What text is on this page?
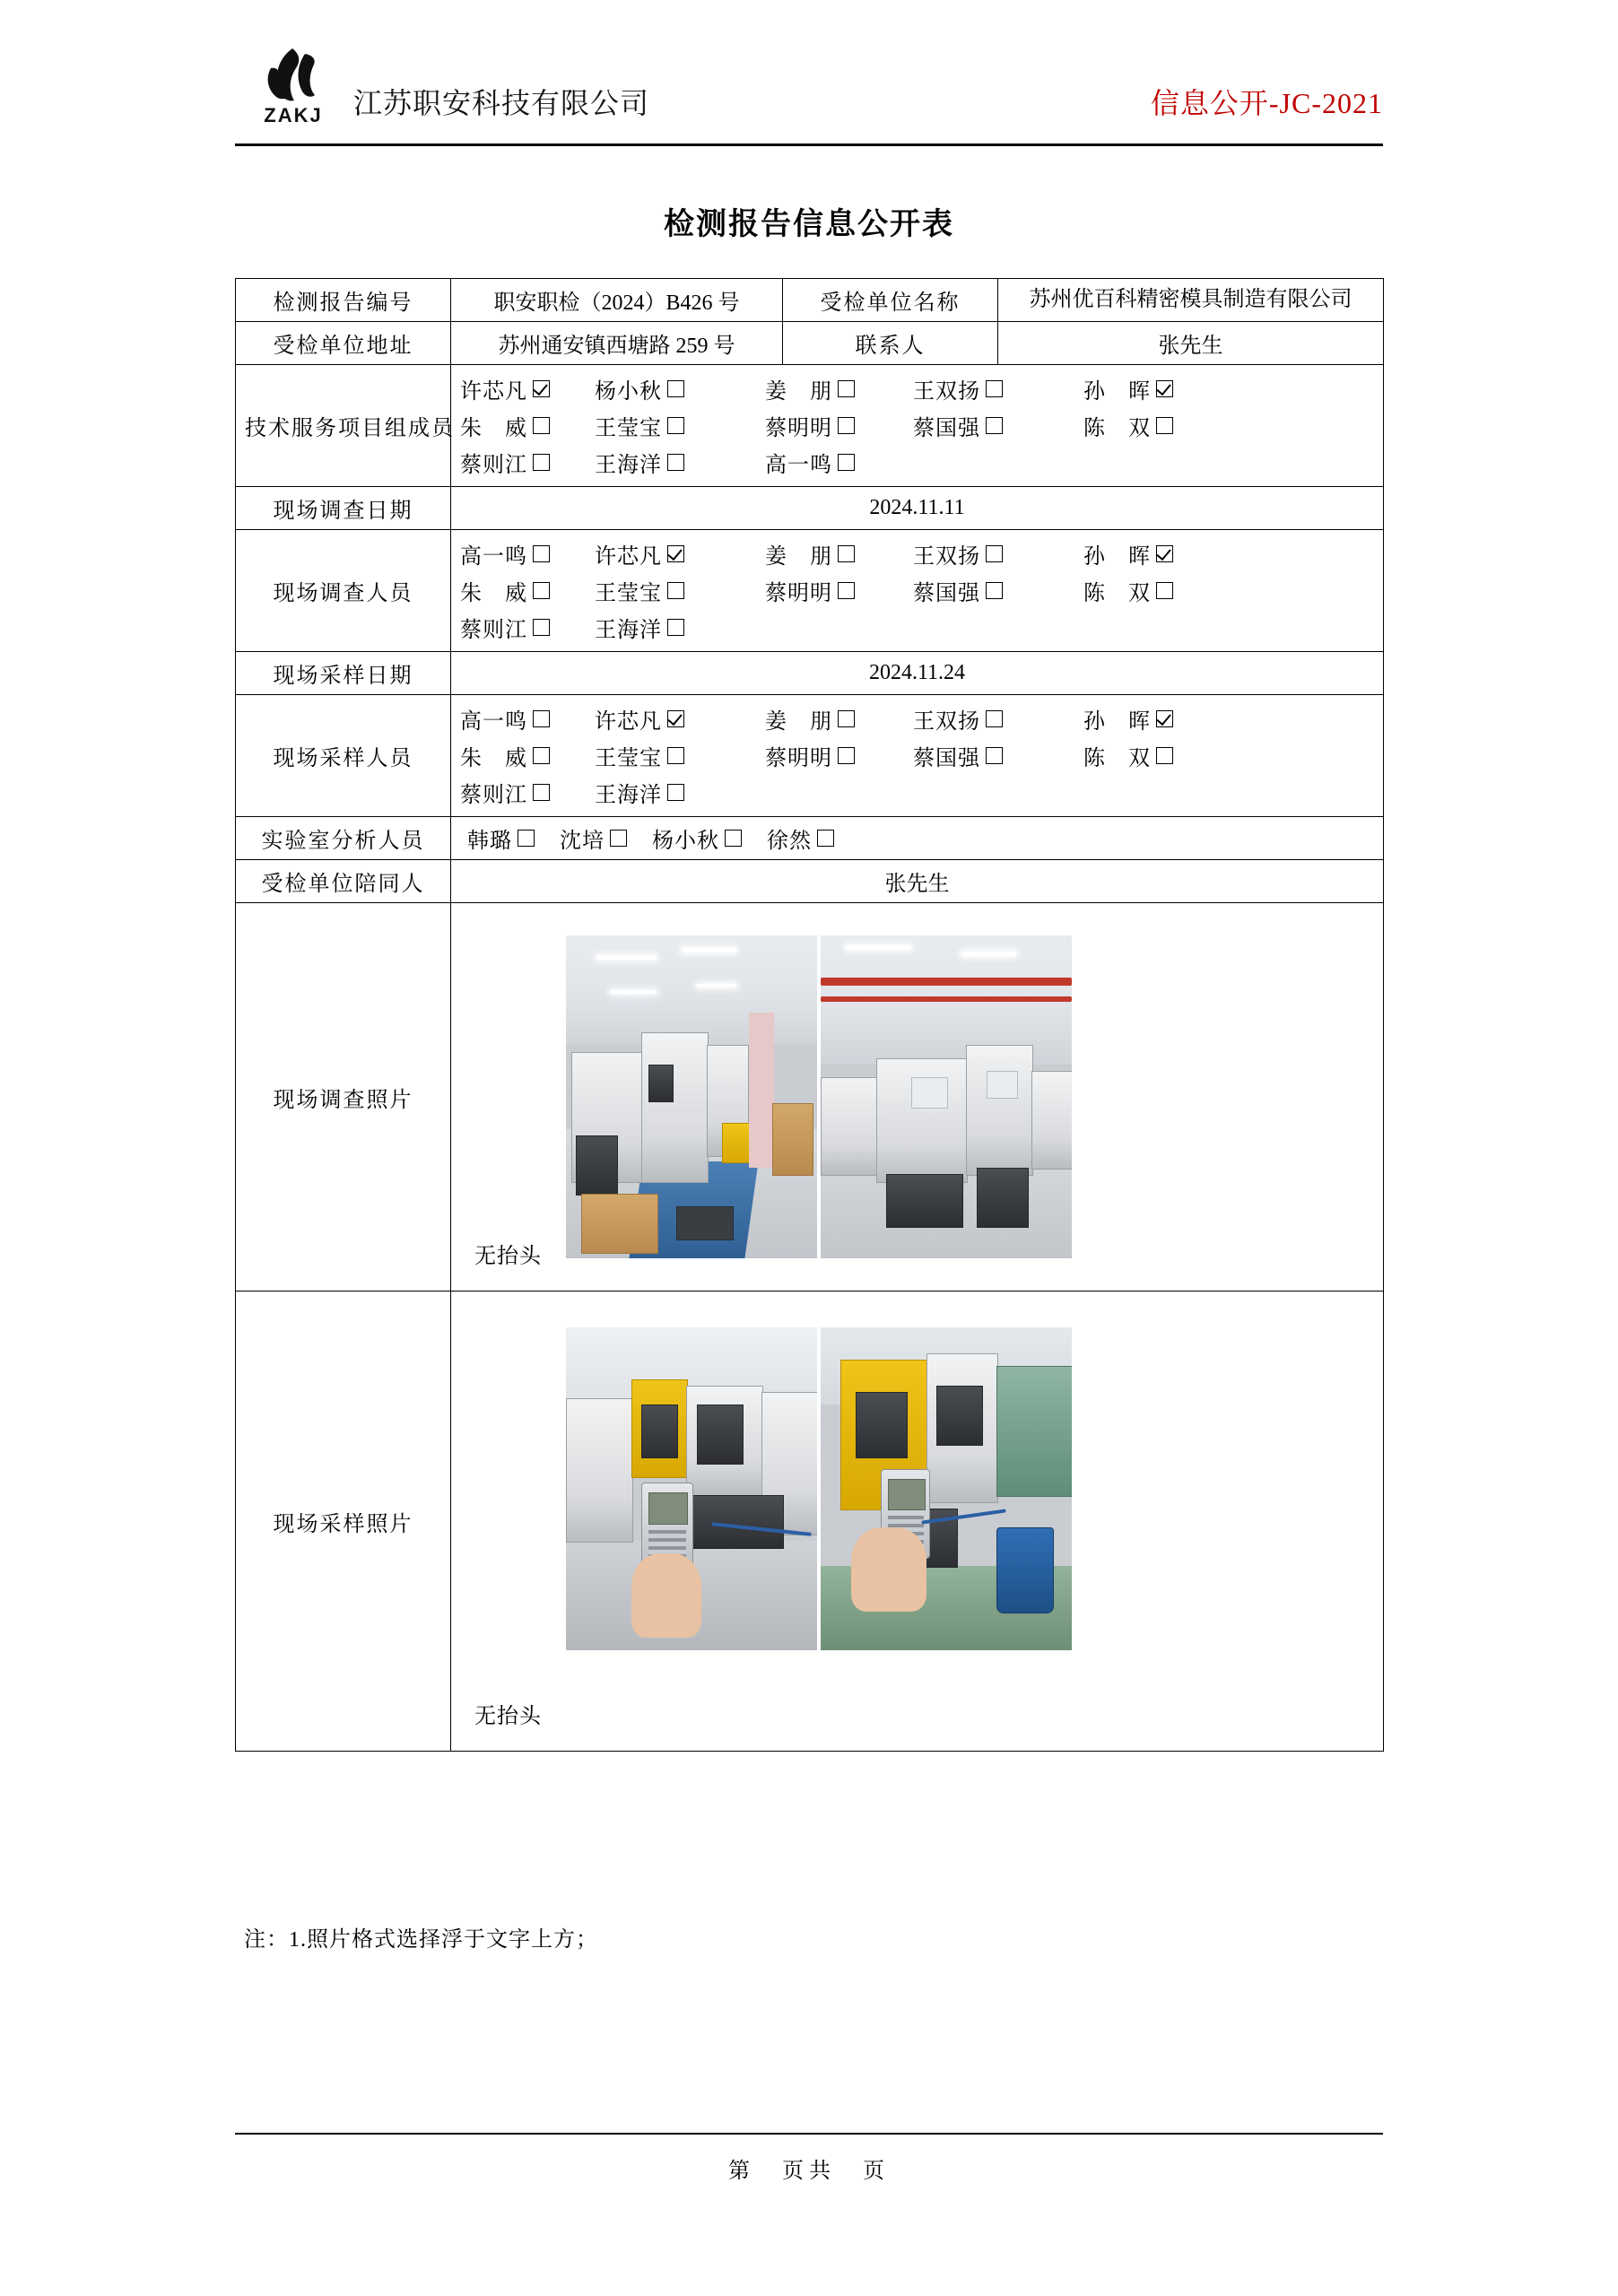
ZAKJ	江苏职安科技有限公司	信息公开-JC-2021
检测报告信息公开表
检测报告编号	职安职检（2024）B426 号	受检单位名称	苏州优百科精密模具制造有限公司
受检单位地址	苏州通安镇西塘路 259 号	联系人	张先生
技术服务项目组成员	
许芯凡	杨小秋	姜　朋	王双扬	孙　晖
朱　威	王莹宝	蔡明明	蔡国强	陈　双
蔡则江	王海洋	高一鸣

现场调查日期	2024.11.11		
现场调查人员	
高一鸣	许芯凡	姜　朋	王双扬	孙　晖
朱　威	王莹宝	蔡明明	蔡国强	陈　双
蔡则江	王海洋

现场采样日期	2024.11.24		
现场采样人员	
高一鸣	许芯凡	姜　朋	王双扬	孙　晖
朱　威	王莹宝	蔡明明	蔡国强	陈　双
蔡则江	王海洋

实验室分析人员	韩璐 沈培 杨小秋 徐然		

受检单位陪同人	张先生		
现场调查照片	无抬头		

现场采样照片	无抬头		
注：1.照片格式选择浮于文字上方；
第　页共　页
